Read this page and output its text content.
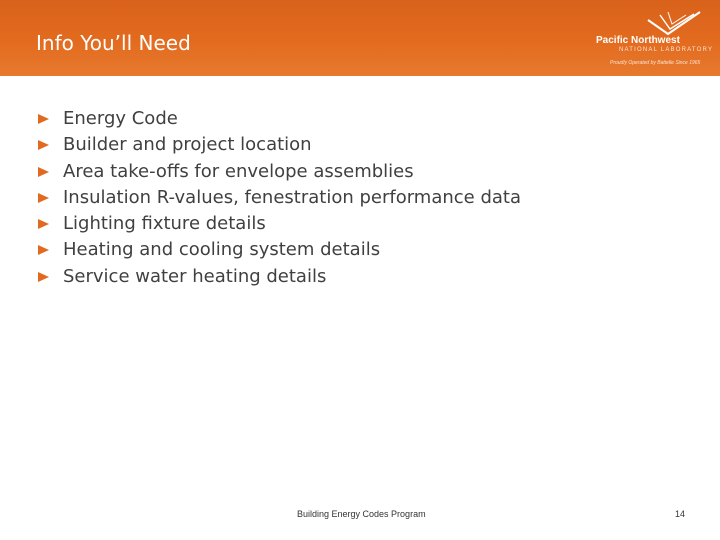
Info You’ll Need	Pacific Northwest
NATIONAL LABORATORY
Proudly Operated by Battelle Since 1965
Energy Code
Builder and project location
Area take-offs for envelope assemblies
Insulation R-values, fenestration performance data
Lighting fixture details
Heating and cooling system details
Service water heating details
Building Energy Codes Program	14
